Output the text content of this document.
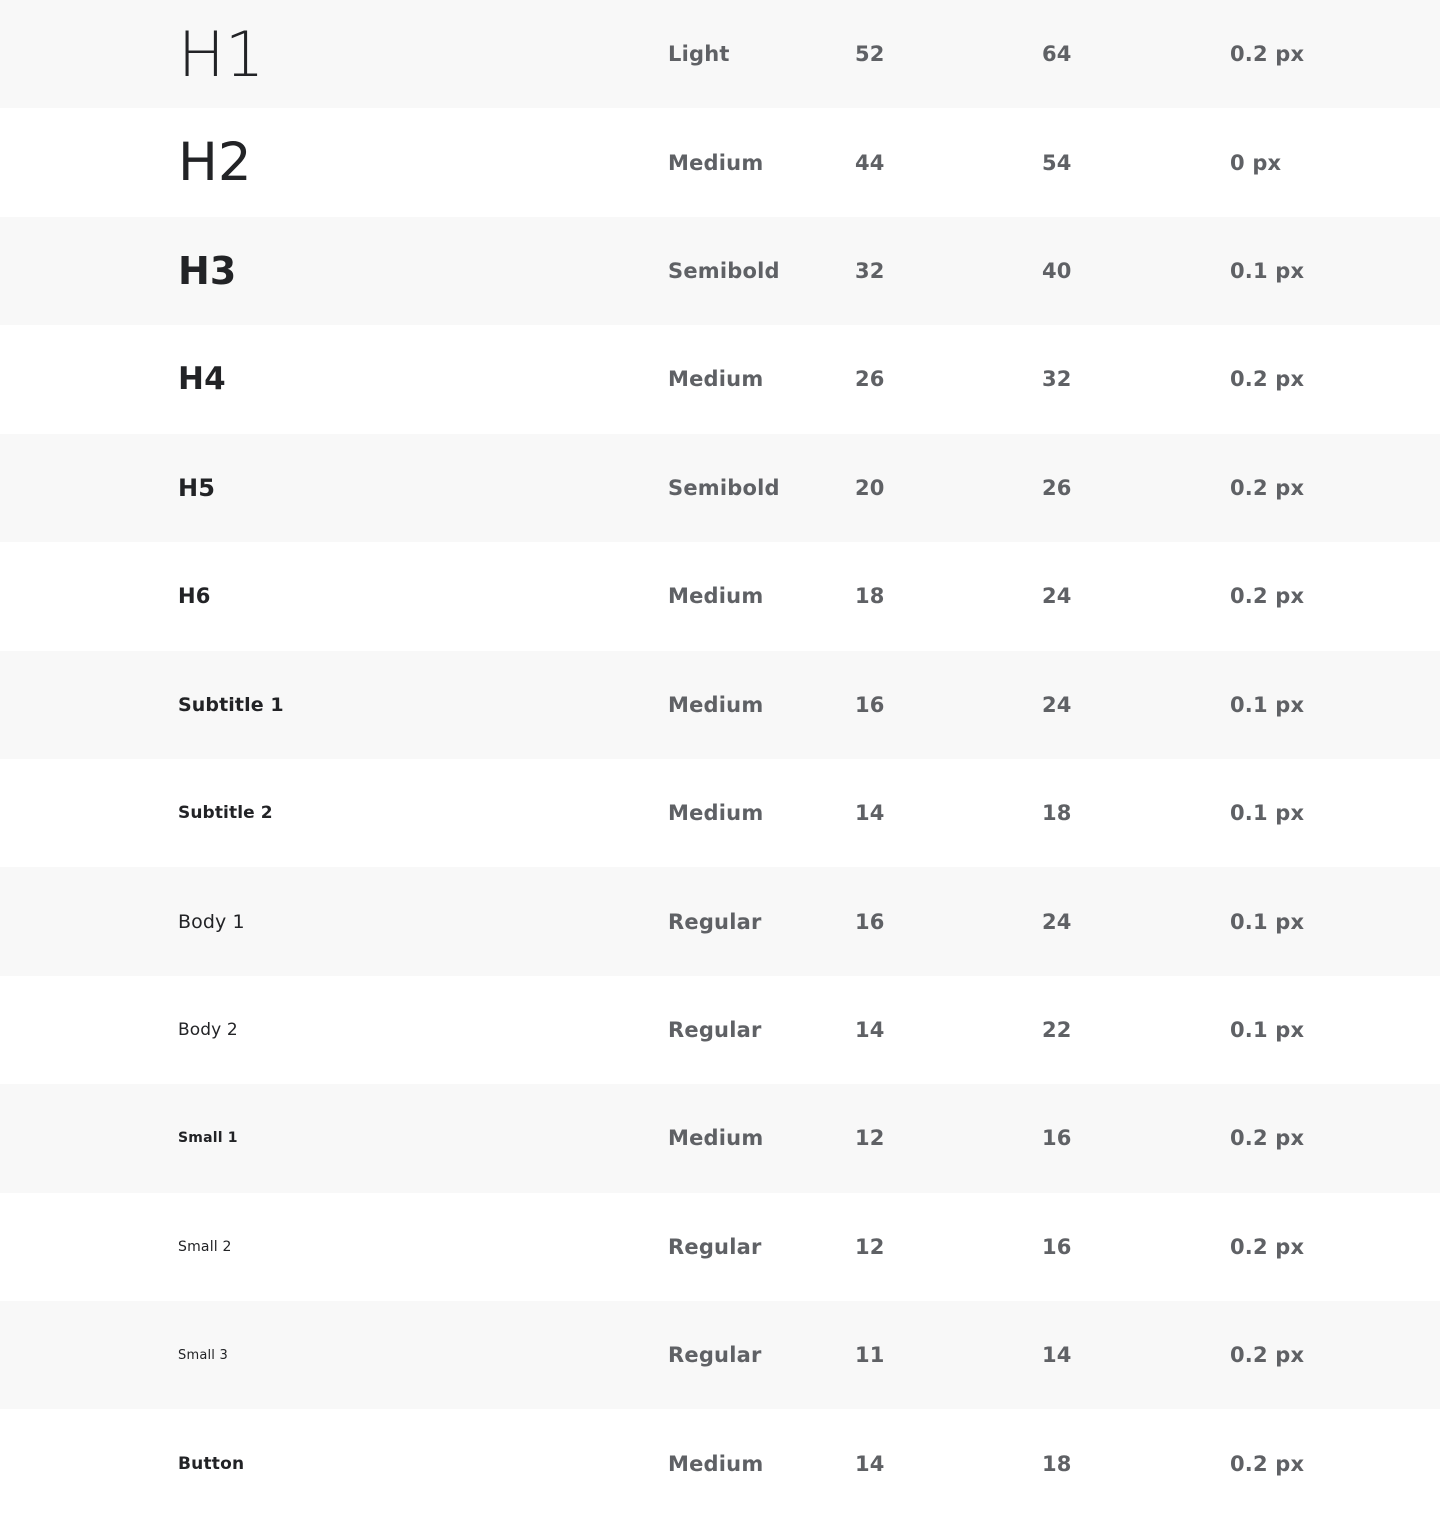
H1	Light	52	64	0.2 px
H2	Medium	44	54	0 px
H3	Semibold	32	40	0.1 px
H4	Medium	26	32	0.2 px
H5	Semibold	20	26	0.2 px
H6	Medium	18	24	0.2 px
Subtitle 1	Medium	16	24	0.1 px
Subtitle 2	Medium	14	18	0.1 px
Body 1	Regular	16	24	0.1 px
Body 2	Regular	14	22	0.1 px
Small 1	Medium	12	16	0.2 px
Small 2	Regular	12	16	0.2 px
Small 3	Regular	11	14	0.2 px
Button	Medium	14	18	0.2 px
